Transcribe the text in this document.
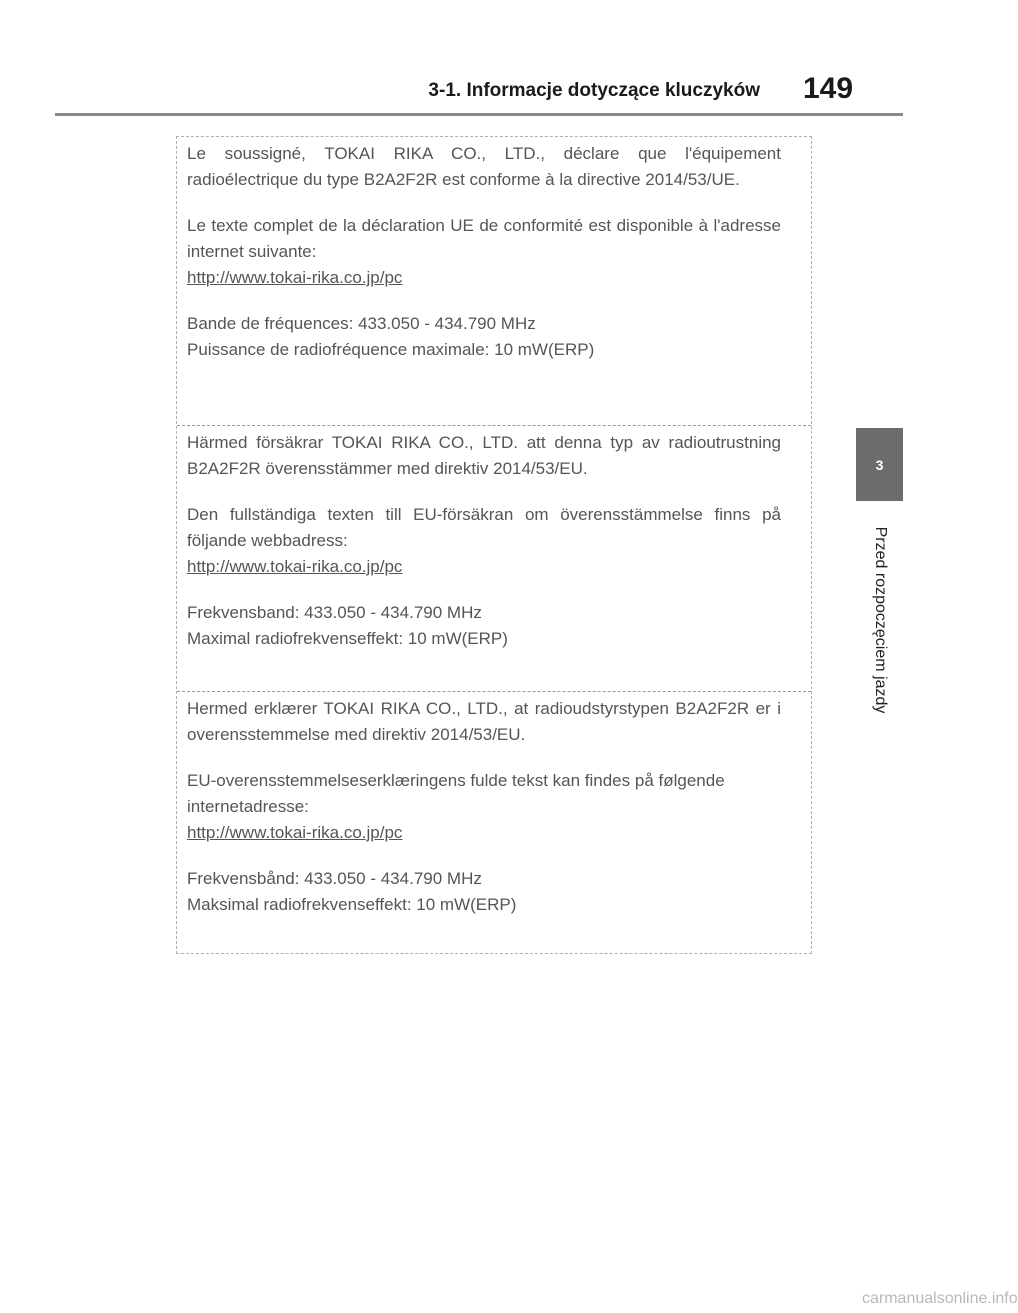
3-1. Informacje dotyczące kluczyków 149
3
Przed rozpoczęciem jazdy

Le soussigné, TOKAI RIKA CO., LTD., déclare que l'équipement radioélectrique du type B2A2F2R est conforme à la directive 2014/53/UE.

Le texte complet de la déclaration UE de conformité est disponible à l'adresse internet suivante:

http://www.tokai-rika.co.jp/pc

Bande de fréquences: 433.050 - 434.790 MHz

Puissance de radiofréquence maximale: 10 mW(ERP)

Härmed försäkrar TOKAI RIKA CO., LTD. att denna typ av radioutrustning B2A2F2R överensstämmer med direktiv 2014/53/EU.

Den fullständiga texten till EU-försäkran om överensstämmelse finns på följande webbadress:

http://www.tokai-rika.co.jp/pc

Frekvensband: 433.050 - 434.790 MHz

Maximal radiofrekvenseffekt: 10 mW(ERP)

Hermed erklærer TOKAI RIKA CO., LTD., at radioudstyrstypen B2A2F2R er i overensstemmelse med direktiv 2014/53/EU.

EU-overensstemmelseserklæringens fulde tekst kan findes på følgende internetadresse:

http://www.tokai-rika.co.jp/pc

Frekvensbånd: 433.050 - 434.790 MHz

Maksimal radiofrekvenseffekt: 10 mW(ERP)

carmanualsonline.info
